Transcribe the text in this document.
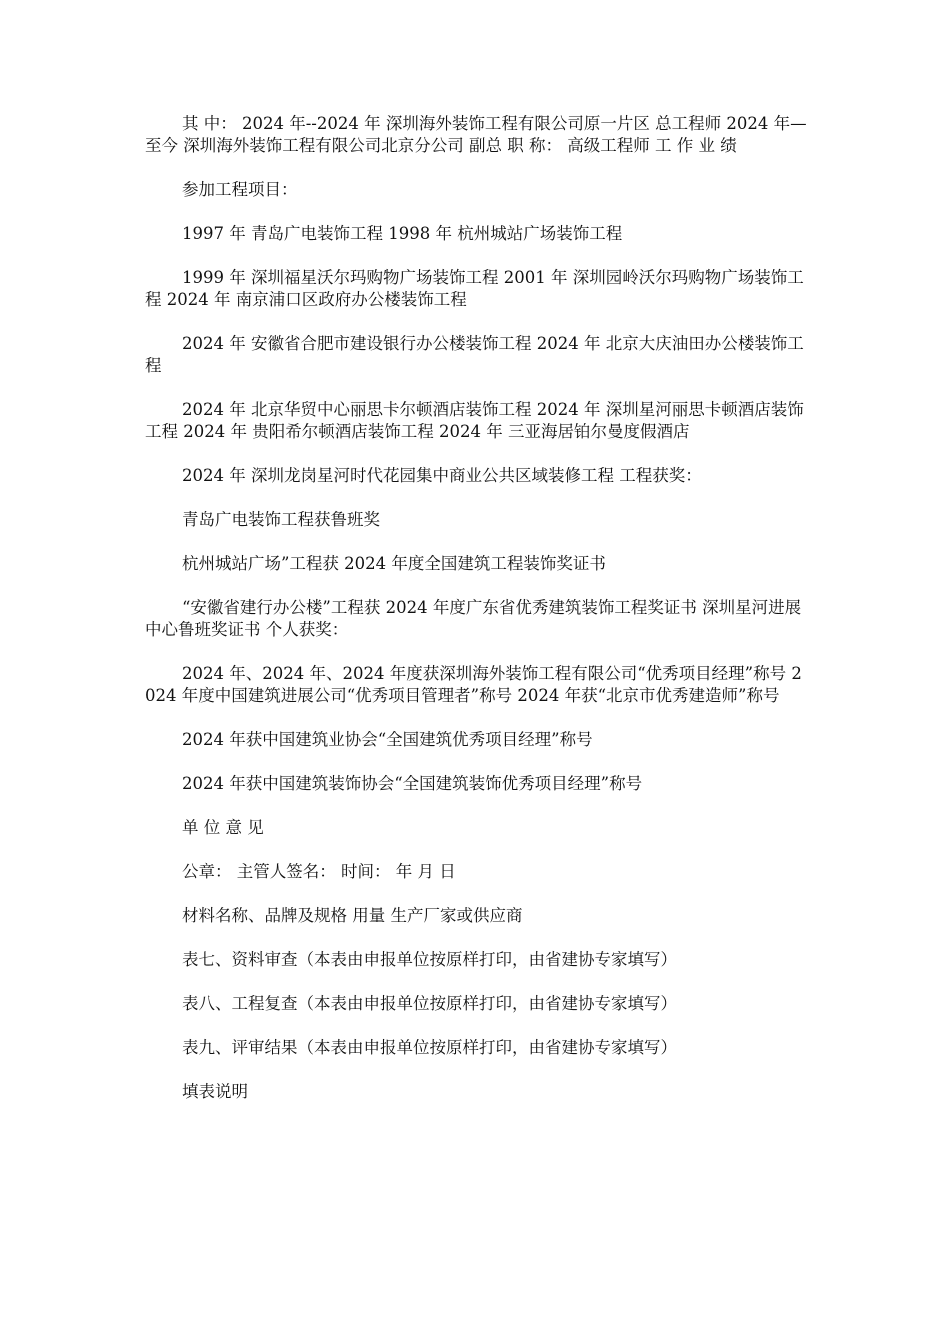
其 中： 2024 年--2024 年 深圳海外装饰工程有限公司原一片区 总工程师 2024 年—至今 深圳海外装饰工程有限公司北京分公司 副总 职 称： 高级工程师 工 作 业 绩

参加工程项目：

1997 年 青岛广电装饰工程 1998 年 杭州城站广场装饰工程

1999 年 深圳福星沃尔玛购物广场装饰工程 2001 年 深圳园岭沃尔玛购物广场装饰工程 2024 年 南京浦口区政府办公楼装饰工程

2024 年 安徽省合肥市建设银行办公楼装饰工程 2024 年 北京大庆油田办公楼装饰工程

2024 年 北京华贸中心丽思卡尔顿酒店装饰工程 2024 年 深圳星河丽思卡顿酒店装饰工程 2024 年 贵阳希尔顿酒店装饰工程 2024 年 三亚海居铂尔曼度假酒店

2024 年 深圳龙岗星河时代花园集中商业公共区域装修工程 工程获奖：

青岛广电装饰工程获鲁班奖

杭州城站广场”工程获 2024 年度全国建筑工程装饰奖证书

“安徽省建行办公楼”工程获 2024 年度广东省优秀建筑装饰工程奖证书 深圳星河进展中心鲁班奖证书 个人获奖：

2024 年、2024 年、2024 年度获深圳海外装饰工程有限公司“优秀项目经理”称号 2024 年度中国建筑进展公司“优秀项目管理者”称号 2024 年获“北京市优秀建造师”称号

2024 年获中国建筑业协会“全国建筑优秀项目经理”称号

2024 年获中国建筑装饰协会“全国建筑装饰优秀项目经理”称号

单 位 意 见

公章： 主管人签名： 时间： 年 月 日

材料名称、品牌及规格 用量 生产厂家或供应商

表七、资料审查（本表由申报单位按原样打印，由省建协专家填写）

表八、工程复查（本表由申报单位按原样打印，由省建协专家填写）

表九、评审结果（本表由申报单位按原样打印，由省建协专家填写）

填表说明
